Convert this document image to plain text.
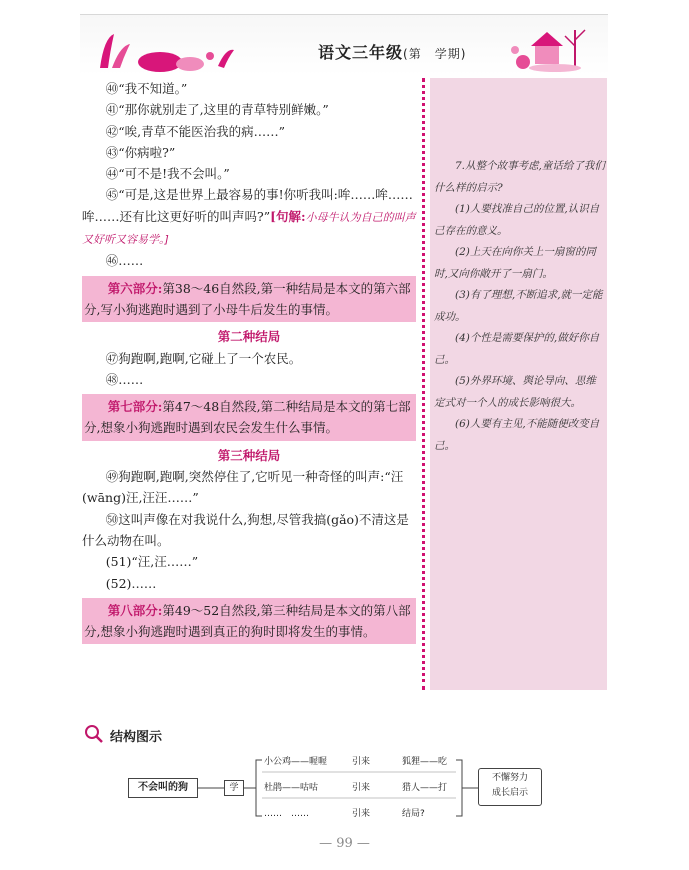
语文三年级(第　学期)

㊵“我不知道。”

㊶“那你就别走了,这里的青草特别鲜嫩。”

㊷“唉,青草不能医治我的病……”

㊸“你病啦?”

㊹“可不是!我不会叫。”

㊺“可是,这是世界上最容易的事!你听我叫:哞……哞……哞……还有比这更好听的叫声吗?”[句解:小母牛认为自己的叫声又好听又容易学。]

㊻……

第六部分:第38～46自然段,第一种结局是本文的第六部分,写小狗逃跑时遇到了小母牛后发生的事情。

第二种结局

㊼狗跑啊,跑啊,它碰上了一个农民。

㊽……

第七部分:第47～48自然段,第二种结局是本文的第七部分,想象小狗逃跑时遇到农民会发生什么事情。

第三种结局

㊾狗跑啊,跑啊,突然停住了,它听见一种奇怪的叫声:“汪(wāng)汪,汪汪……”

㊿这叫声像在对我说什么,狗想,尽管我搞(gǎo)不清这是什么动物在叫。

(51)“汪,汪……”

(52)……

第八部分:第49～52自然段,第三种结局是本文的第八部分,想象小狗逃跑时遇到真正的狗时即将发生的事情。

7.从整个故事考虑,童话给了我们什么样的启示?

(1)人要找准自己的位置,认识自己存在的意义。

(2)上天在向你关上一扇窗的同时,又向你敞开了一扇门。

(3)有了理想,不断追求,就一定能成功。

(4)个性是需要保护的,做好你自己。

(5)外界环境、舆论导向、思维定式对一个人的成长影响很大。

(6)人要有主见,不能随便改变自己。

结构图示
不会叫的狗	学
小公鸡——喔喔	引来	狐狸——吃
杜鹃——咕咕	引来	猎人——打
……　……	引来	结局?
不懈努力
成长启示
— 99 —
